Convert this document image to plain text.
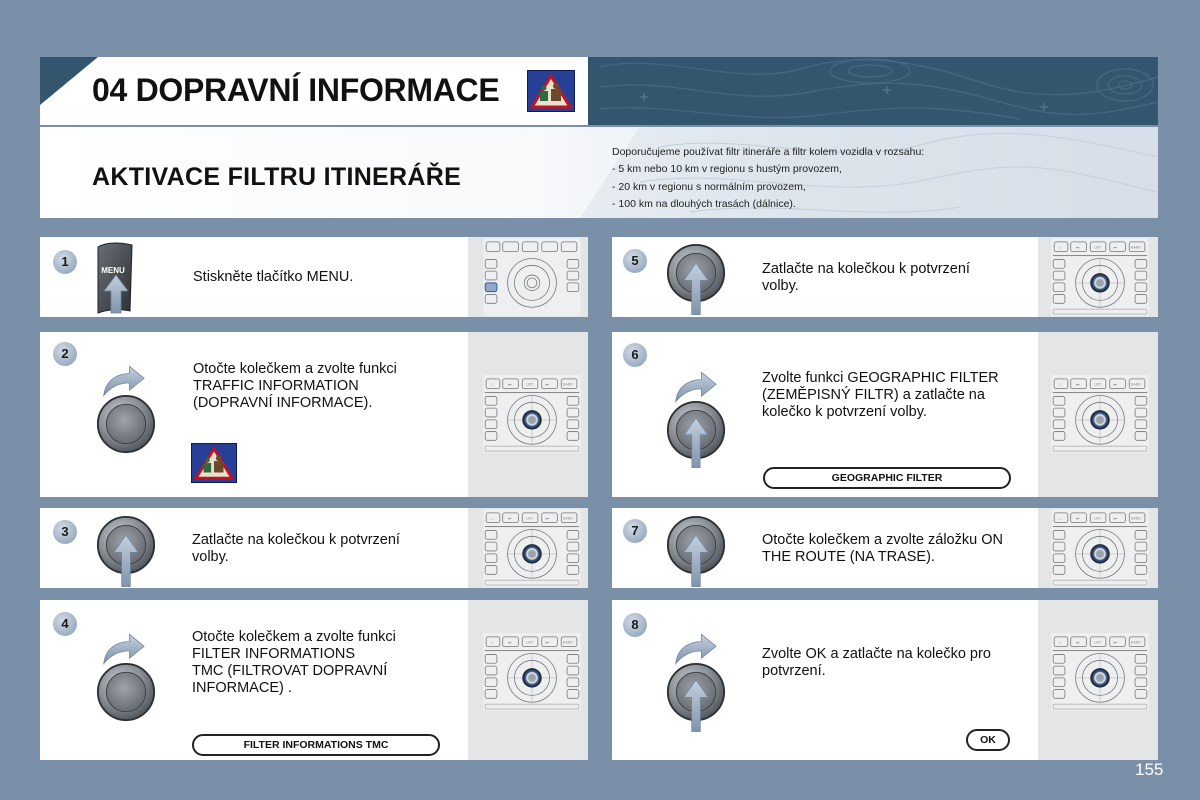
04 DOPRAVNÍ INFORMACE
AKTIVACE FILTRU ITINERÁŘE
Doporučujeme používat filtr itineráře a filtr kolem vozidla v rozsahu:
- 5 km nebo 10 km v regionu s hustým provozem,
- 20 km v regionu s normálním provozem,
- 100 km na dlouhých trasách (dálnice).
1
MENU	Stiskněte tlačítko MENU.
2
Otočte kolečkem a zvolte funkci
TRAFFIC INFORMATION
(DOPRAVNÍ INFORMACE).
3
Zatlačte na kolečkou k potvrzení
volby.
4
Otočte kolečkem a zvolte funkci
FILTER INFORMATIONS
TMC (FILTROVAT DOPRAVNÍ
INFORMACE) .
FILTER INFORMATIONS TMC
5
Zatlačte na kolečkou k potvrzení
volby.
6
Zvolte funkci GEOGRAPHIC FILTER
(ZEMĚPISNÝ FILTR) a zatlačte na
kolečko k potvrzení volby.
GEOGRAPHIC FILTER
7
Otočte kolečkem a zvolte záložku ON
THE ROUTE (NA TRASE).
8
Zvolte OK a zatlačte na kolečko pro
potvrzení.
OK
155
